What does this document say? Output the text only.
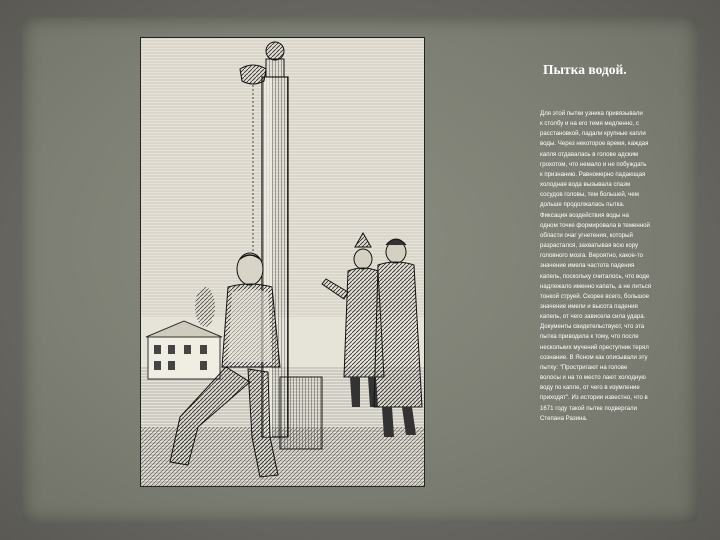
Пытка водой.
Для этой пытки узника привязывали
к столбу и на его темя медленно, с
расстановкой, падали крупные капли
воды. Через некоторое время, каждая
капля отдавалась в голове адским
грохотом, что немало и не побуждать
к признанию. Равномерно падающая
холодная вода вызывала спазм
сосудов головы, тем большей, чем
дольше продолжалась пытка.
Фиксация воздействия воды на
одном точке формировала в теменной
области очаг угнетения, который
разрастался, захватывая всю кору
головного мозга. Вероятно, какое-то
значение имела частота падения
капель, поскольку считалось, что воде
надлежало именно капать, а не литься
тонкой струей. Скорее всего, большое
значение имели и высота падения
капель, от чего зависела сила удара.
Документы свидетельствуют, что эта
пытка приводила к тому, что после
нескольких мучений преступник терял
сознание. В Ясном как описывали эту
пытку: "Простригают на голове
волосы и на то место лают холодную
воду по капле, от чего в изумление
приходят". Из истории известно, что в
1671 году такой пытке подвергали
Степана Разина.
